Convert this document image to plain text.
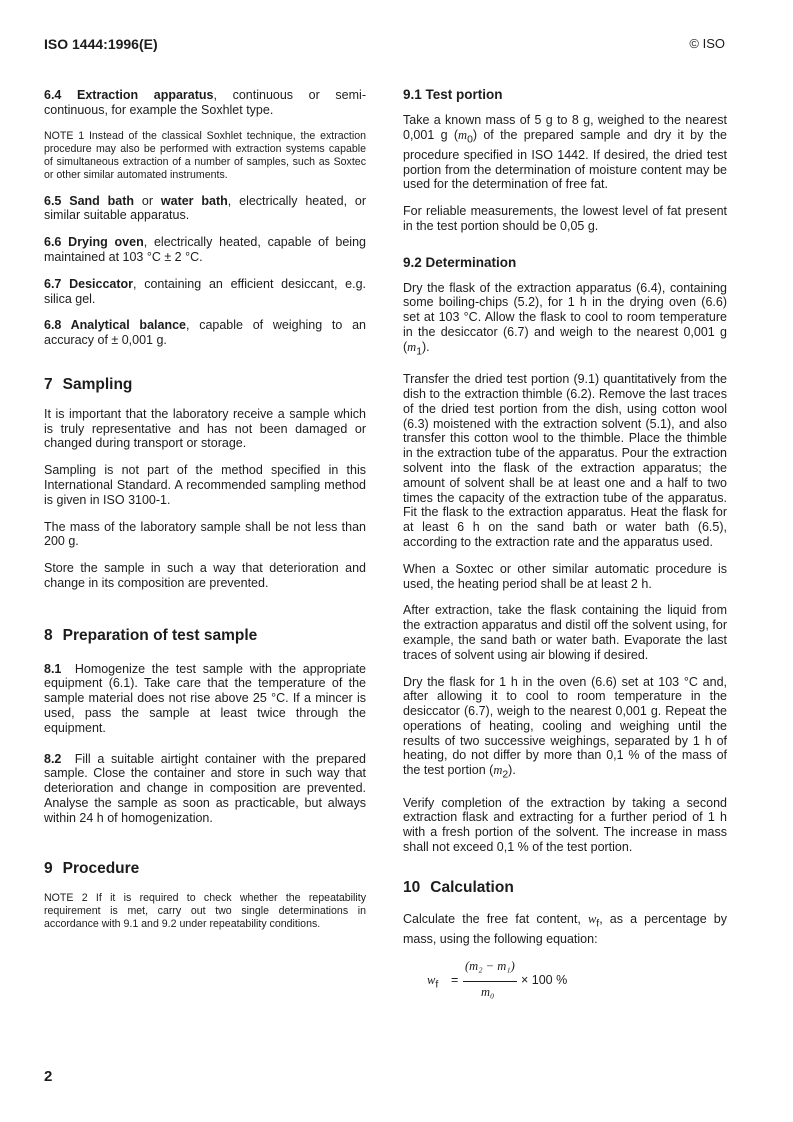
ISO 1444:1996(E)	© ISO

6.4 Extraction apparatus, continuous or semi-continuous, for example the Soxhlet type.

NOTE 1 Instead of the classical Soxhlet technique, the extraction procedure may also be performed with extraction systems capable of simultaneous extraction of a number of samples, such as Soxtec or other similar automated instruments.

6.5 Sand bath or water bath, electrically heated, or similar suitable apparatus.

6.6 Drying oven, electrically heated, capable of being maintained at 103 °C ± 2 °C.

6.7 Desiccator, containing an efficient desiccant, e.g. silica gel.

6.8 Analytical balance, capable of weighing to an accuracy of ± 0,001 g.

7 Sampling

It is important that the laboratory receive a sample which is truly representative and has not been damaged or changed during transport or storage.

Sampling is not part of the method specified in this International Standard. A recommended sampling method is given in ISO 3100-1.

The mass of the laboratory sample shall be not less than 200 g.

Store the sample in such a way that deterioration and change in its composition are prevented.

8 Preparation of test sample

8.1 Homogenize the test sample with the appropriate equipment (6.1). Take care that the temperature of the sample material does not rise above 25 °C. If a mincer is used, pass the sample at least twice through the equipment.

8.2 Fill a suitable airtight container with the prepared sample. Close the container and store in such way that deterioration and change in composition are prevented. Analyse the sample as soon as practicable, but always within 24 h of homogenization.

9 Procedure

NOTE 2 If it is required to check whether the repeatability requirement is met, carry out two single determinations in accordance with 9.1 and 9.2 under repeatability conditions.

9.1 Test portion

Take a known mass of 5 g to 8 g, weighed to the nearest 0,001 g $(m_0)$ of the prepared sample and dry it by the procedure specified in ISO 1442. If desired, the dried test portion from the determination of moisture content may be used for the determination of free fat.

For reliable measurements, the lowest level of fat present in the test portion should be 0,05 g.

9.2 Determination

Dry the flask of the extraction apparatus (6.4), containing some boiling-chips (5.2), for 1 h in the drying oven (6.6) set at 103 °C. Allow the flask to cool to room temperature in the desiccator (6.7) and weigh to the nearest 0,001 g $(m_1)$.

Transfer the dried test portion (9.1) quantitatively from the dish to the extraction thimble (6.2). Remove the last traces of the dried test portion from the dish, using cotton wool (6.3) moistened with the extraction solvent (5.1), and also transfer this cotton wool to the thimble. Place the thimble in the extraction tube of the apparatus. Pour the extraction solvent into the flask of the extraction apparatus; the amount of solvent shall be at least one and a half to two times the capacity of the extraction tube of the apparatus. Fit the flask to the extraction apparatus. Heat the flask for at least 6 h on the sand bath or water bath (6.5), according to the extraction rate and the apparatus used.

When a Soxtec or other similar automatic procedure is used, the heating period shall be at least 2 h.

After extraction, take the flask containing the liquid from the extraction apparatus and distil off the solvent using, for example, the sand bath or water bath. Evaporate the last traces of solvent using air blowing if desired.

Dry the flask for 1 h in the oven (6.6) set at 103 °C and, after allowing it to cool to room temperature in the desiccator (6.7), weigh to the nearest 0,001 g. Repeat the operations of heating, cooling and weighing until the results of two successive weighings, separated by 1 h of heating, do not differ by more than 0,1 % of the mass of the test portion $(m_2)$.

Verify completion of the extraction by taking a second extraction flask and extracting for a further period of 1 h with a fresh portion of the solvent. The increase in mass shall not exceed 0,1 % of the test portion.

10 Calculation

Calculate the free fat content, $w_f$, as a percentage by mass, using the following equation:

$w_f$ =
(m₂ − m₁)
m₀
× 100 %
2
